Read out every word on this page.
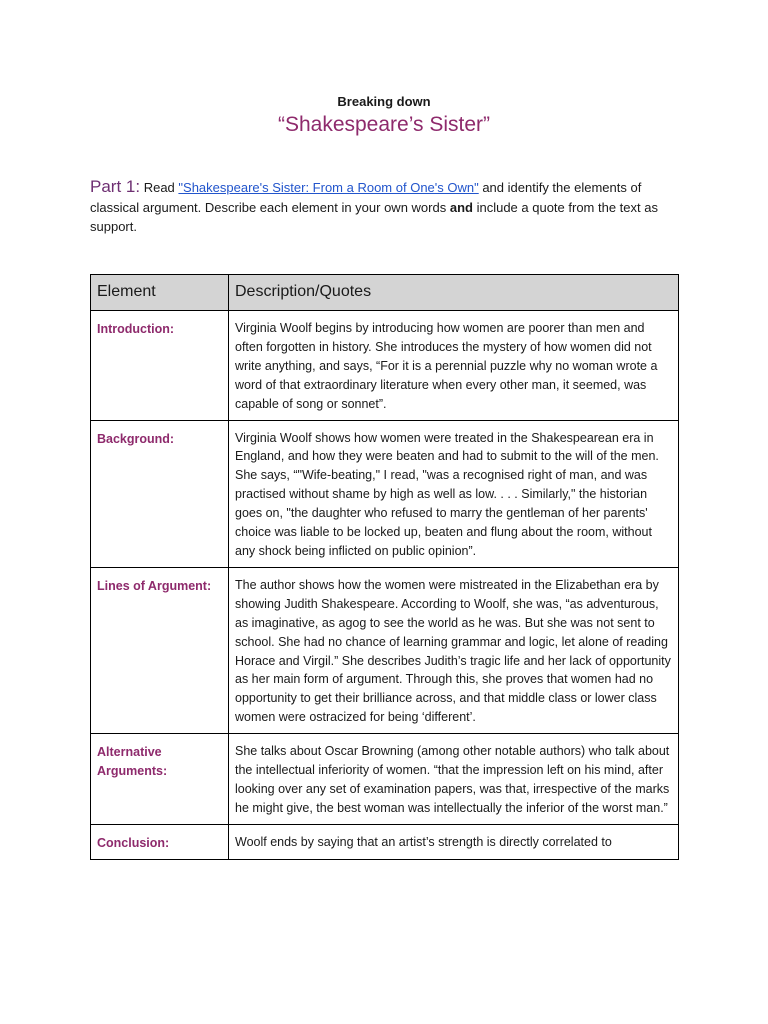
Breaking down
“Shakespeare’s Sister”
Part 1: Read "Shakespeare's Sister: From a Room of One's Own" and identify the elements of classical argument. Describe each element in your own words and include a quote from the text as support.
Element	Description/Quotes
Introduction:	Virginia Woolf begins by introducing how women are poorer than men and often forgotten in history. She introduces the mystery of how women did not write anything, and says, “For it is a perennial puzzle why no woman wrote a word of that extraordinary literature when every other man, it seemed, was capable of song or sonnet”.
Background:	Virginia Woolf shows how women were treated in the Shakespearean era in England, and how they were beaten and had to submit to the will of the men. She says, “"Wife-beating," I read, "was a recognised right of man, and was practised without shame by high as well as low. . . . Similarly," the historian goes on, "the daughter who refused to marry the gentleman of her parents' choice was liable to be locked up, beaten and flung about the room, without any shock being inflicted on public opinion”.
Lines of Argument:	The author shows how the women were mistreated in the Elizabethan era by showing Judith Shakespeare. According to Woolf, she was, “as adventurous, as imaginative, as agog to see the world as he was. But she was not sent to school. She had no chance of learning grammar and logic, let alone of reading Horace and Virgil.” She describes Judith’s tragic life and her lack of opportunity as her main form of argument. Through this, she proves that women had no opportunity to get their brilliance across, and that middle class or lower class women were ostracized for being ‘different’.
Alternative Arguments:	She talks about Oscar Browning (among other notable authors) who talk about the intellectual inferiority of women. “that the impression left on his mind, after looking over any set of examination papers, was that, irrespective of the marks he might give, the best woman was intellectually the inferior of the worst man.”
Conclusion:	Woolf ends by saying that an artist’s strength is directly correlated to
